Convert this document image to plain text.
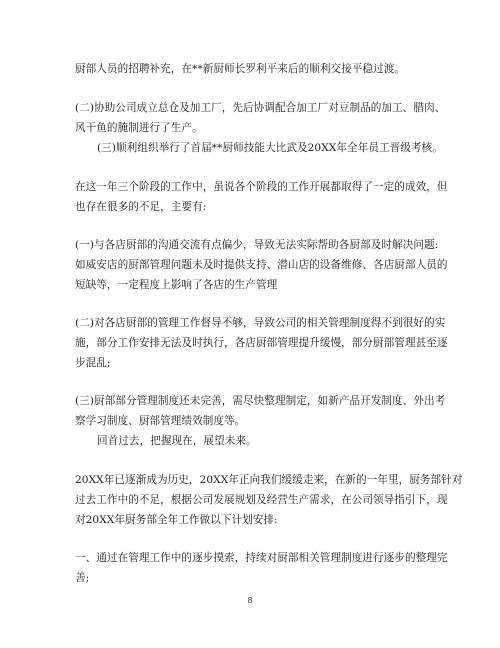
厨部人员的招聘补充，在**新厨师长罗利平来后的顺利交接平稳过渡。
(二)协助公司成立总仓及加工厂，先后协调配合加工厂对豆制品的加工、腊肉、
风干鱼的腌制进行了生产。
(三)顺利组织举行了首届**厨师技能大比武及20XX年全年员工晋级考核。
在这一年三个阶段的工作中，虽说各个阶段的工作开展都取得了一定的成效，但
也存在很多的不足，主要有:
(一)与各店厨部的沟通交流有点偏少，导致无法实际帮助各厨部及时解决问题:
如威安店的厨部管理问题未及时提供支持、潜山店的设备维修、各店厨部人员的
短缺等，一定程度上影响了各店的生产管理
(二)对各店厨部的管理工作督导不够，导致公司的相关管理制度得不到很好的实
施，部分工作安排无法及时执行，各店厨部管理提升缓慢，部分厨部管理甚至逐
步混乱;
(三)厨部部分管理制度还未完善，需尽快整理制定，如新产品开发制度、外出考
察学习制度、厨部管理绩效制度等。
回首过去，把握现在，展望未来。
20XX年已逐渐成为历史，20XX年正向我们缓缓走来，在新的一年里，厨务部针对
过去工作中的不足，根据公司发展规划及经营生产需求，在公司领导指引下，现
对20XX年厨务部全年工作做以下计划安排:
一、通过在管理工作中的逐步摸索，持续对厨部相关管理制度进行逐步的整理完
善;
8
